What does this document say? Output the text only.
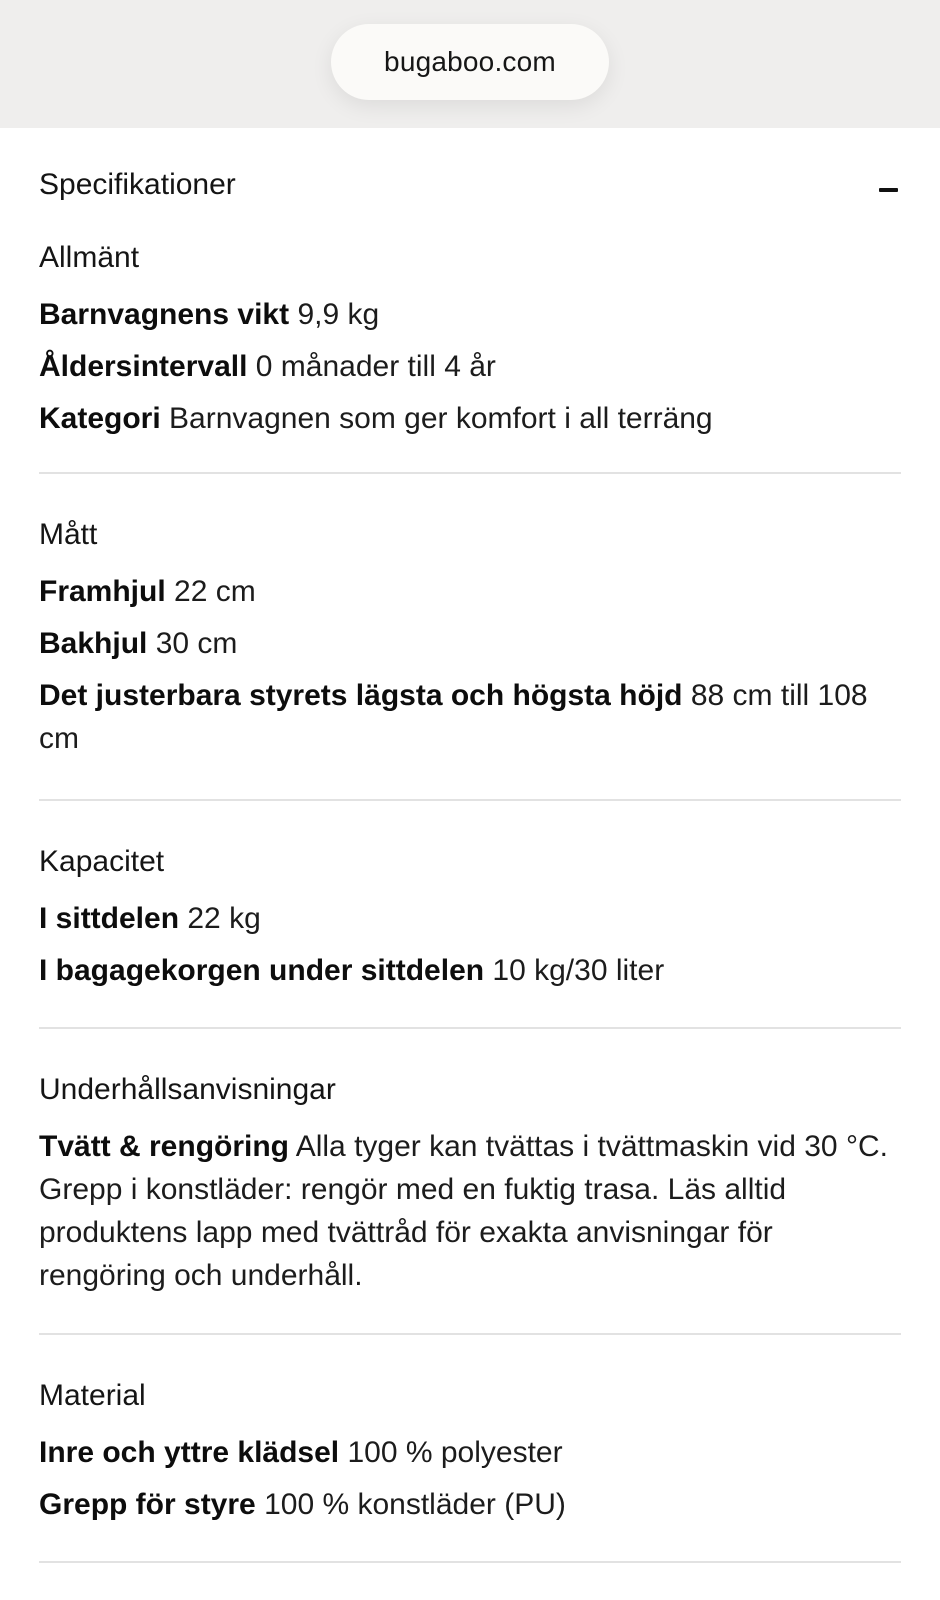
bugaboo.com
Specifikationer
Allmänt
Barnvagnens vikt 9,9 kg
Åldersintervall 0 månader till 4 år
Kategori Barnvagnen som ger komfort i all terräng
Mått
Framhjul 22 cm
Bakhjul 30 cm
Det justerbara styrets lägsta och högsta höjd 88 cm till 108 cm
Kapacitet
I sittdelen 22 kg
I bagagekorgen under sittdelen 10 kg/30 liter
Underhållsanvisningar
Tvätt & rengöring Alla tyger kan tvättas i tvättmaskin vid 30 °C. Grepp i konstläder: rengör med en fuktig trasa. Läs alltid produktens lapp med tvättråd för exakta anvisningar för rengöring och underhåll.
Material
Inre och yttre klädsel 100 % polyester
Grepp för styre 100 % konstläder (PU)
